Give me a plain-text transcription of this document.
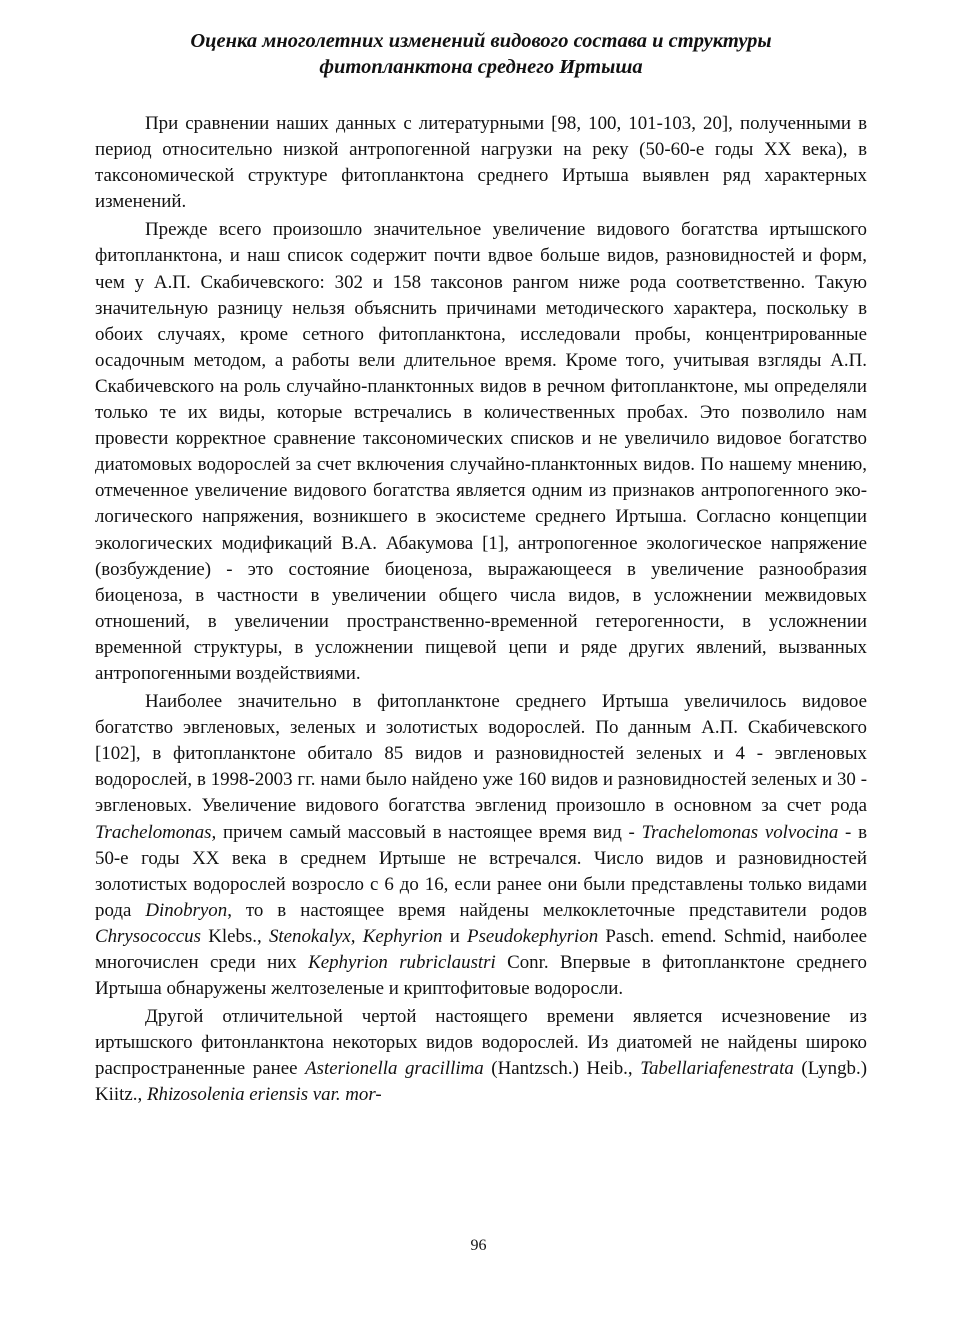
Оценка многолетних изменений видового состава и структуры
фитопланктона среднего Иртыша

При сравнении наших данных с литературными [98, 100, 101-103, 20], полученными в период относительно низкой антропогенной нагрузки на реку (50-60-е годы XX века), в таксономической структуре фитопланктона среднего Иртыша выявлен ряд характерных изменений.

Прежде всего произошло значительное увеличение видового богатства иртышского фитопланктона, и наш список содержит почти вдвое больше видов, разновидностей и форм, чем у А.П. Скабичевского: 302 и 158 таксонов рангом ниже рода соответственно. Такую значительную разницу нельзя объяснить причинами методического характера, поскольку в обоих случаях, кроме сетного фитопланктона, исследовали пробы, концентрированные осадочным методом, а работы вели длительное время. Кроме того, учитывая взгляды А.П. Скабичевского на роль случайно-планктонных видов в речном фитопланктоне, мы определяли только те их виды, которые встречались в количественных пробах. Это позволило нам провести корректное сравнение таксономических списков и не увеличило видовое богатство диатомовых водорослей за счет включения случайно-планктонных видов. По нашему мнению, отмеченное увеличение видового богатства является одним из признаков антропогенного экологического напряжения, возникшего в экосистеме среднего Иртыша. Согласно концепции экологических модификаций В.А. Абакумова [1], антропогенное экологическое напряжение (возбуждение) - это состояние биоценоза, выражающееся в увеличение разнообразия биоценоза, в частности в увеличении общего числа видов, в усложнении межвидовых отношений, в увеличении пространственно-временной гетерогенности, в усложнении временной структуры, в усложнении пищевой цепи и ряде других явлений, вызванных антропогенными воздействиями.

Наиболее значительно в фитопланктоне среднего Иртыша увеличилось видовое богатство эвгленовых, зеленых и золотистых водорослей. По данным А.П. Скабичевского [102], в фитопланктоне обитало 85 видов и разновидностей зеленых и 4 - эвгленовых водорослей, в 1998-2003 гг. нами было найдено уже 160 видов и разновидностей зеленых и 30 - эвгленовых. Увеличение видового богатства эвгленид произошло в основном за счет рода Trachelomonas, причем самый массовый в настоящее время вид - Trachelomonas volvocina - в 50-е годы XX века в среднем Иртыше не встречался. Число видов и разновидностей золотистых водорослей возросло с 6 до 16, если ранее они были представлены только видами рода Dinobryon, то в настоящее время найдены мелкоклеточные представители родов Chrysococcus Klebs., Stenokalyx, Kephyrion и Pseudokephyrion Pasch. emend. Schmid, наиболее многочислен среди них Kephyrion rubriclaustri Conr. Впервые в фитопланктоне среднего Иртыша обнаружены желтозеленые и криптофитовые водоросли.

Другой отличительной чертой настоящего времени является исчезновение из иртышского фитонланктона некоторых видов водорослей. Из диатомей не найдены широко распространенные ранее Asterionella gracillima (Hantzsch.) Heib., Tabellariafenestrata (Lyngb.) Kiitz., Rhizosolenia eriensis var. mor-

96
